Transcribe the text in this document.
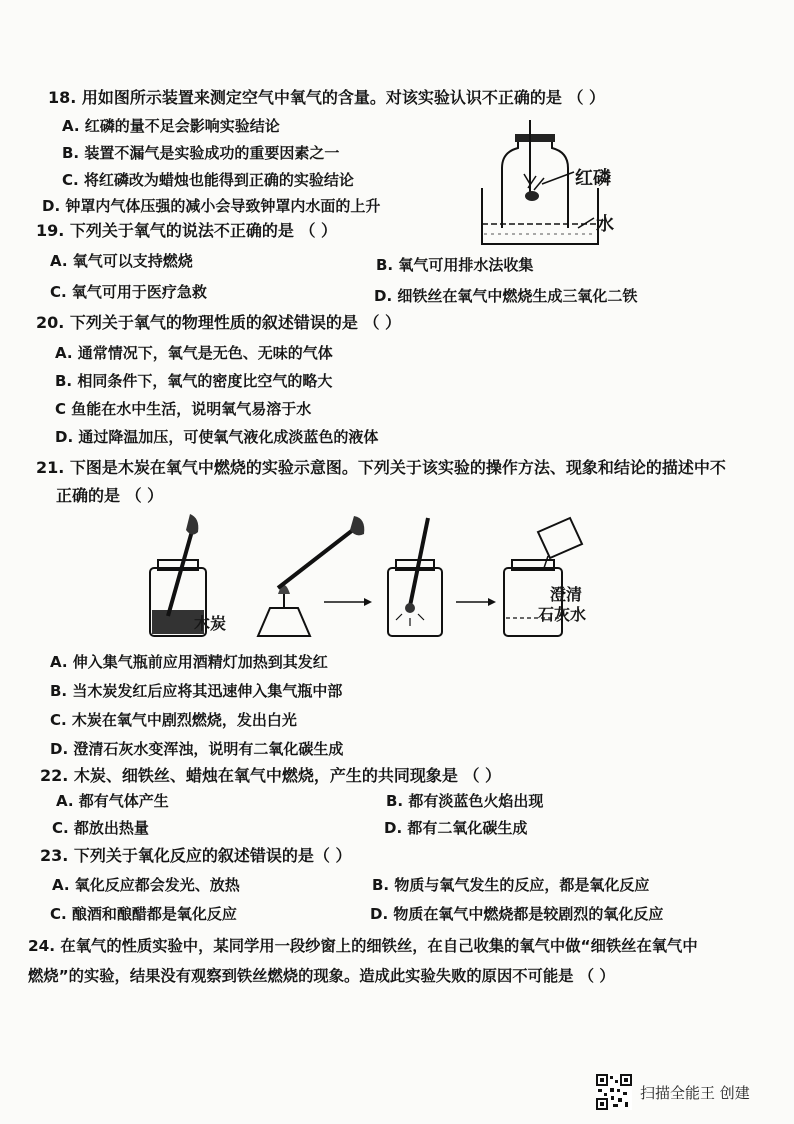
18. 用如图所示装置来测定空气中氧气的含量。对该实验认识不正确的是 （ ）
A. 红磷的量不足会影响实验结论
B. 装置不漏气是实验成功的重要因素之一
C. 将红磷改为蜡烛也能得到正确的实验结论
D. 钟罩内气体压强的减小会导致钟罩内水面的上升
红磷
水
19. 下列关于氧气的说法不正确的是 （ ）
A. 氧气可以支持燃烧	B. 氧气可用排水法收集
C. 氧气可用于医疗急救	D. 细铁丝在氧气中燃烧生成三氧化二铁
20. 下列关于氧气的物理性质的叙述错误的是 （ ）
A. 通常情况下，氧气是无色、无味的气体
B. 相同条件下，氧气的密度比空气的略大
C 鱼能在水中生活，说明氧气易溶于水
D. 通过降温加压，可使氧气液化成淡蓝色的液体
21. 下图是木炭在氧气中燃烧的实验示意图。下列关于该实验的操作方法、现象和结论的描述中不
正确的是 （ ）
木炭
澄清
石灰水
A. 伸入集气瓶前应用酒精灯加热到其发红
B. 当木炭发红后应将其迅速伸入集气瓶中部
C. 木炭在氧气中剧烈燃烧，发出白光
D. 澄清石灰水变浑浊，说明有二氧化碳生成
22. 木炭、细铁丝、蜡烛在氧气中燃烧，产生的共同现象是 （ ）
A. 都有气体产生	B. 都有淡蓝色火焰出现
C. 都放出热量	D. 都有二氧化碳生成
23. 下列关于氧化反应的叙述错误的是（ ）
A. 氧化反应都会发光、放热	B. 物质与氧气发生的反应，都是氧化反应
C. 酿酒和酿醋都是氧化反应	D. 物质在氧气中燃烧都是较剧烈的氧化反应
24. 在氧气的性质实验中，某同学用一段纱窗上的细铁丝，在自己收集的氧气中做“细铁丝在氧气中
燃烧”的实验，结果没有观察到铁丝燃烧的现象。造成此实验失败的原因不可能是 （ ）
扫描全能王 创建
